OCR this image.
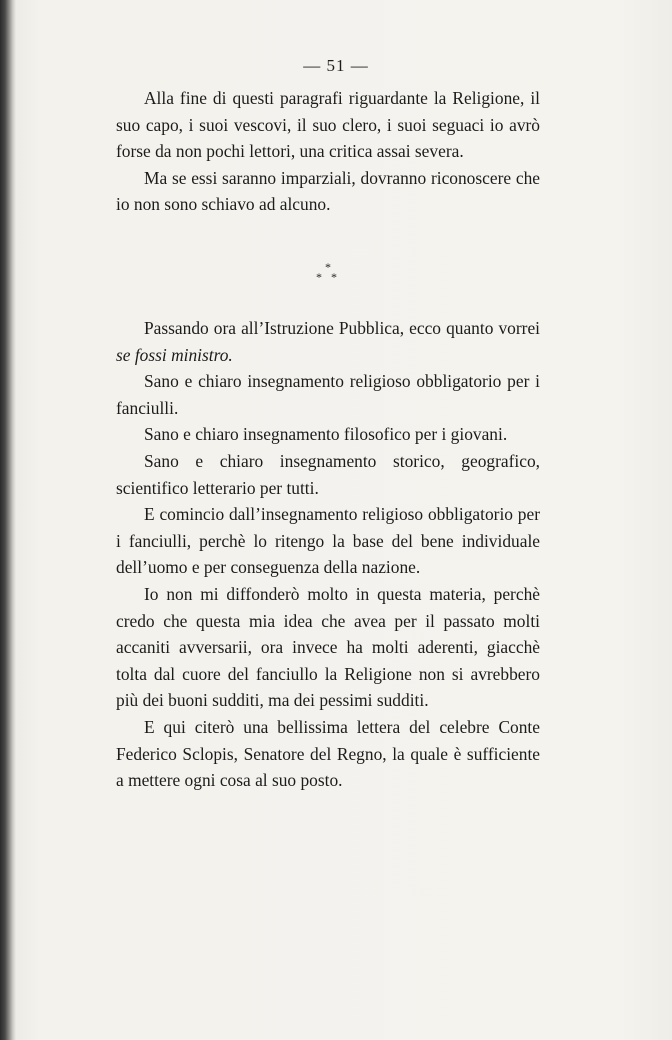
— 51 —

Alla fine di questi paragrafi riguardante la Religione, il suo capo, i suoi vescovi, il suo clero, i suoi seguaci io avrò forse da non pochi lettori, una critica assai severa.

Ma se essi saranno imparziali, dovranno riconoscere che io non sono schiavo ad alcuno.

*
* *

Passando ora all’Istruzione Pubblica, ecco quanto vorrei se fossi ministro.

Sano e chiaro insegnamento religioso obbligatorio per i fanciulli.

Sano e chiaro insegnamento filosofico per i giovani.

Sano e chiaro insegnamento storico, geografico, scientifico letterario per tutti.

E comincio dall’insegnamento religioso obbligatorio per i fanciulli, perchè lo ritengo la base del bene individuale dell’uomo e per conseguenza della nazione.

Io non mi diffonderò molto in questa materia, perchè credo che questa mia idea che avea per il passato molti accaniti avversarii, ora invece ha molti aderenti, giacchè tolta dal cuore del fanciullo la Religione non si avrebbero più dei buoni sudditi, ma dei pessimi sudditi.

E qui citerò una bellissima lettera del celebre Conte Federico Sclopis, Senatore del Regno, la quale è sufficiente a mettere ogni cosa al suo posto.
